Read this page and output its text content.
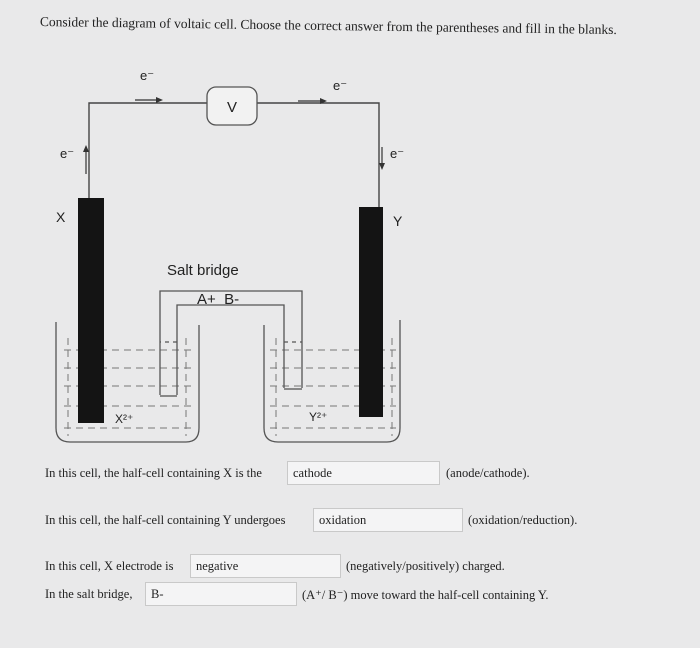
Consider the diagram of voltaic cell. Choose the correct answer from the parentheses and fill in the blanks.
V
e⁻
e⁻
e⁻	e⁻
X	Y
Salt bridge
A+  B-
X²⁺	Y²⁺
In this cell, the half-cell containing X is the	cathode	(anode/cathode).
In this cell, the half-cell containing Y undergoes	oxidation	(oxidation/reduction).
In this cell, X electrode is	negative	(negatively/positively) charged.
In the salt bridge,	B-	(A⁺/ B⁻) move toward the half-cell containing Y.
